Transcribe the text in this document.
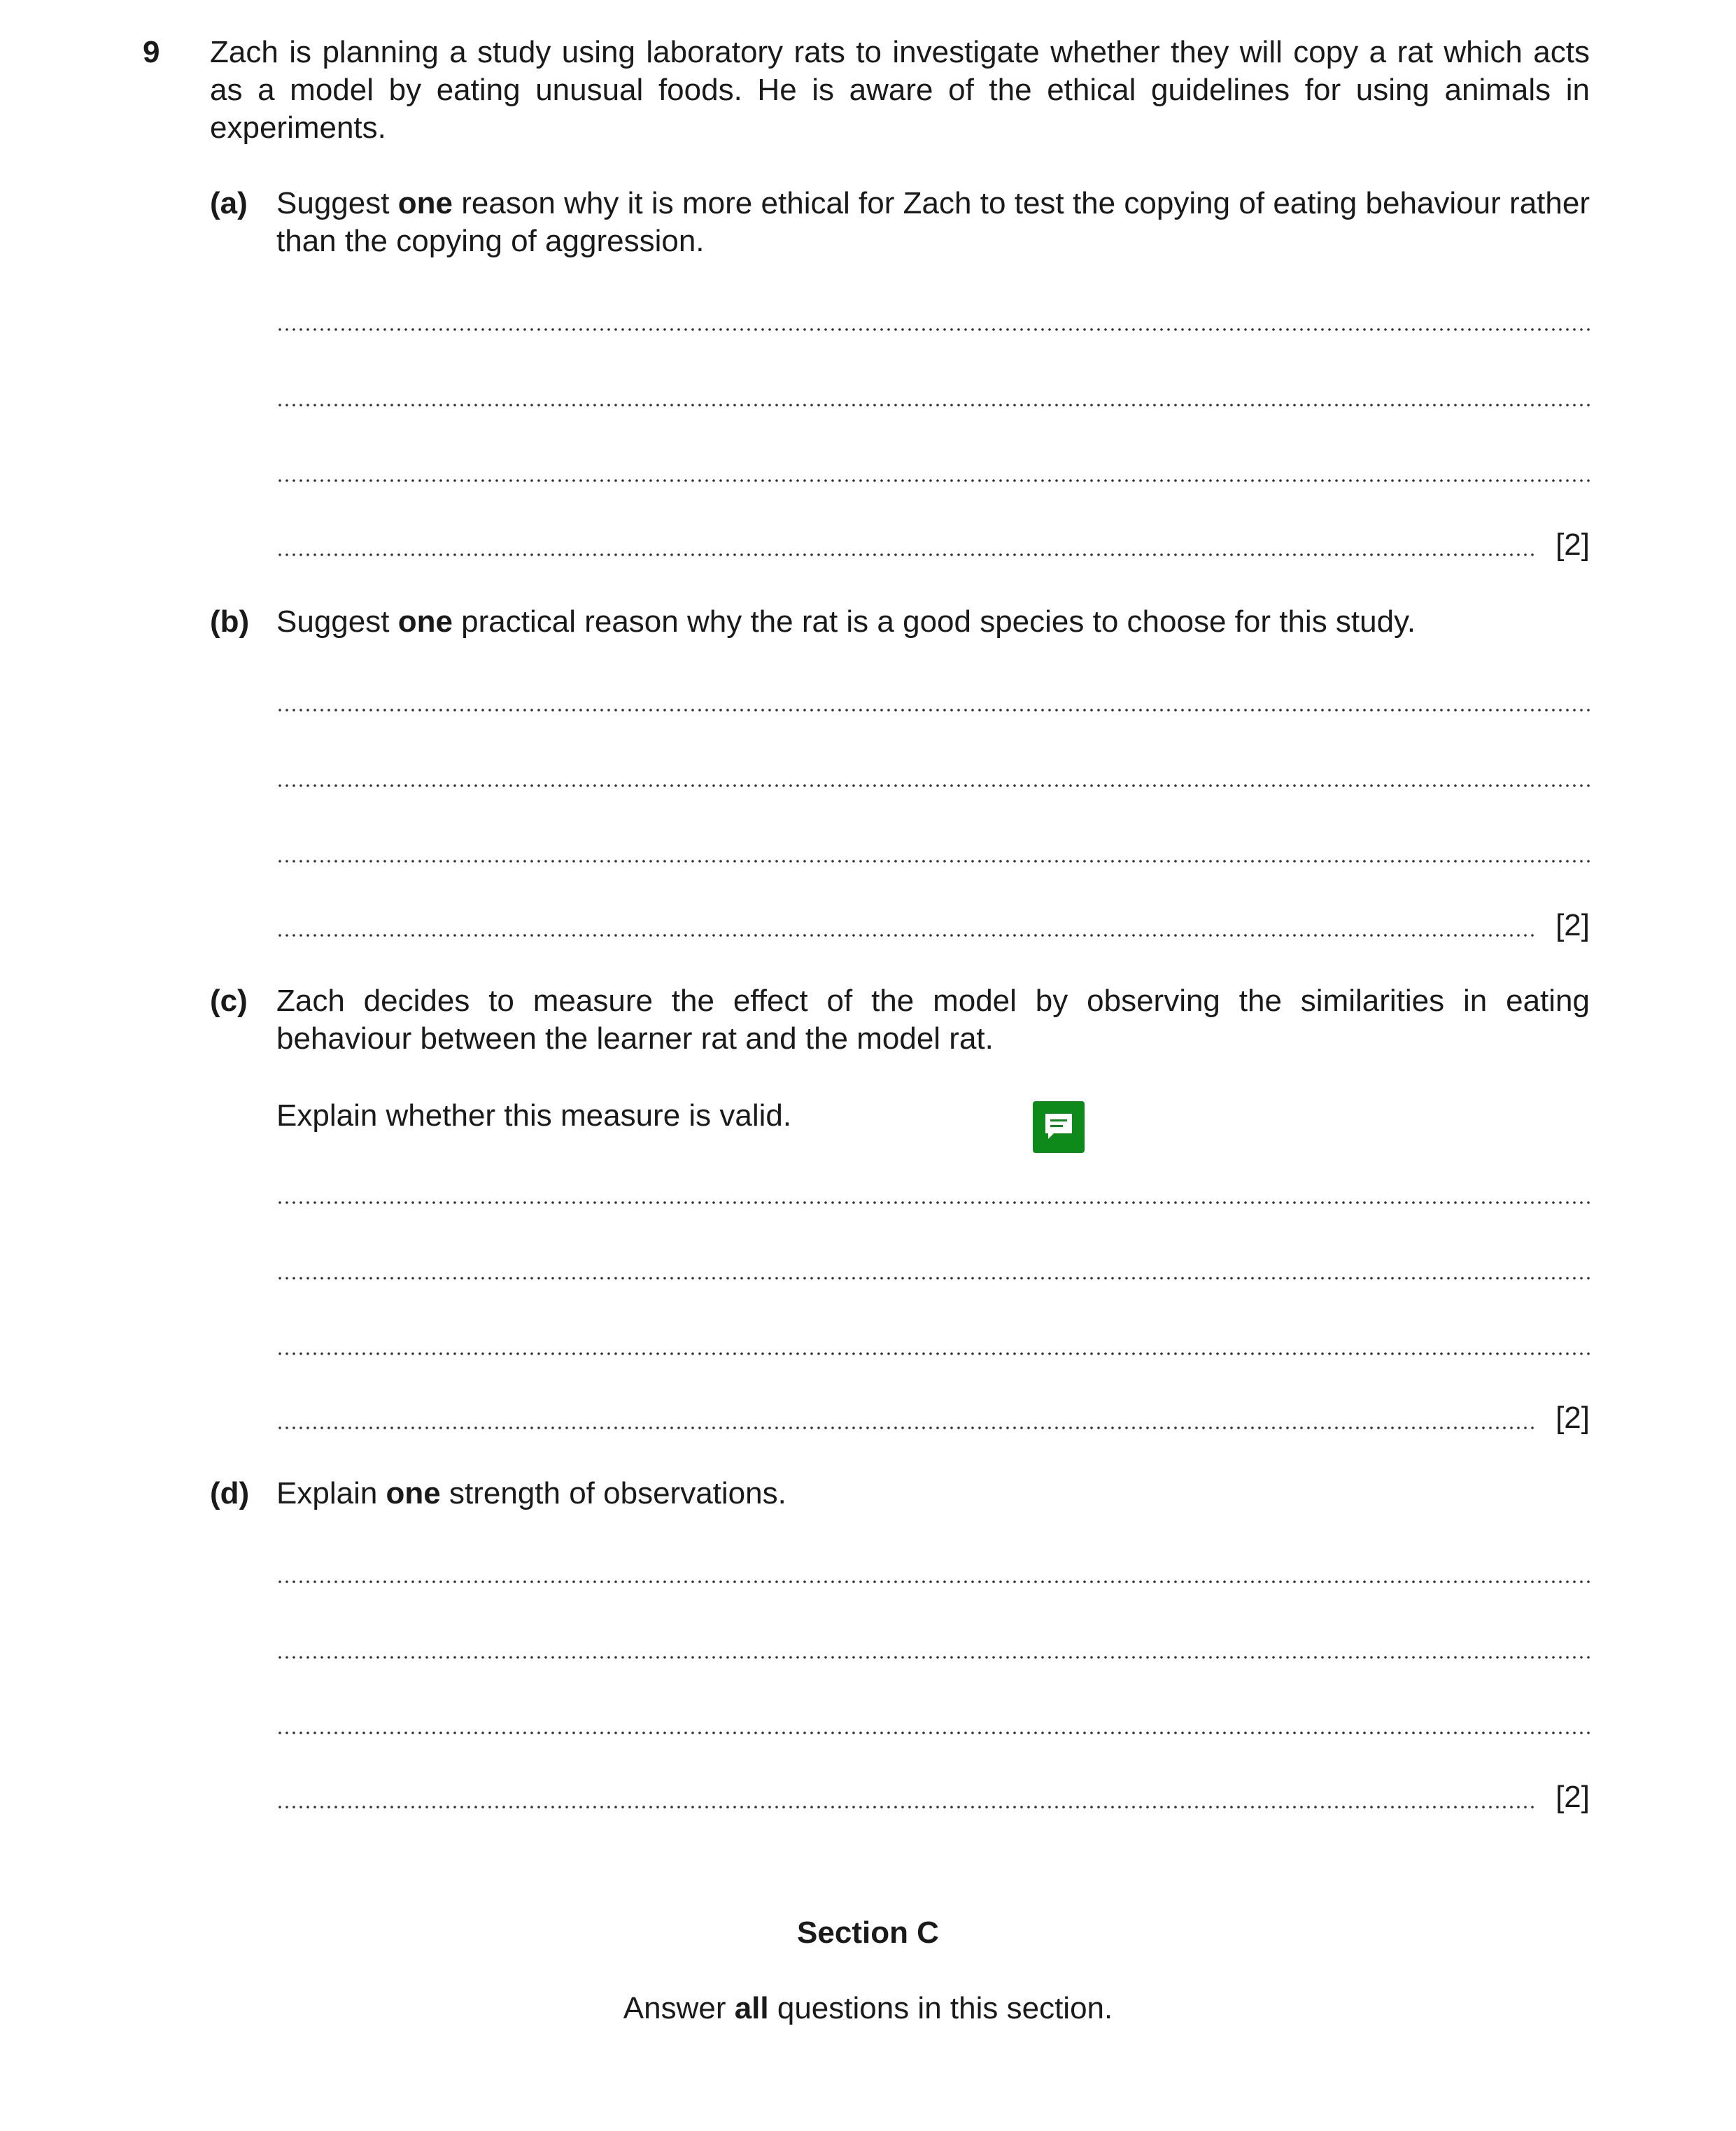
9 Zach is planning a study using laboratory rats to investigate whether they will copy a rat which acts as a model by eating unusual foods. He is aware of the ethical guidelines for using animals in experiments.
(a) Suggest one reason why it is more ethical for Zach to test the copying of eating behaviour rather than the copying of aggression.
[2]
(b) Suggest one practical reason why the rat is a good species to choose for this study.
[2]
(c) Zach decides to measure the effect of the model by observing the similarities in eating behaviour between the learner rat and the model rat.
Explain whether this measure is valid.
[2]
(d) Explain one strength of observations.
[2]
Section C
Answer all questions in this section.
